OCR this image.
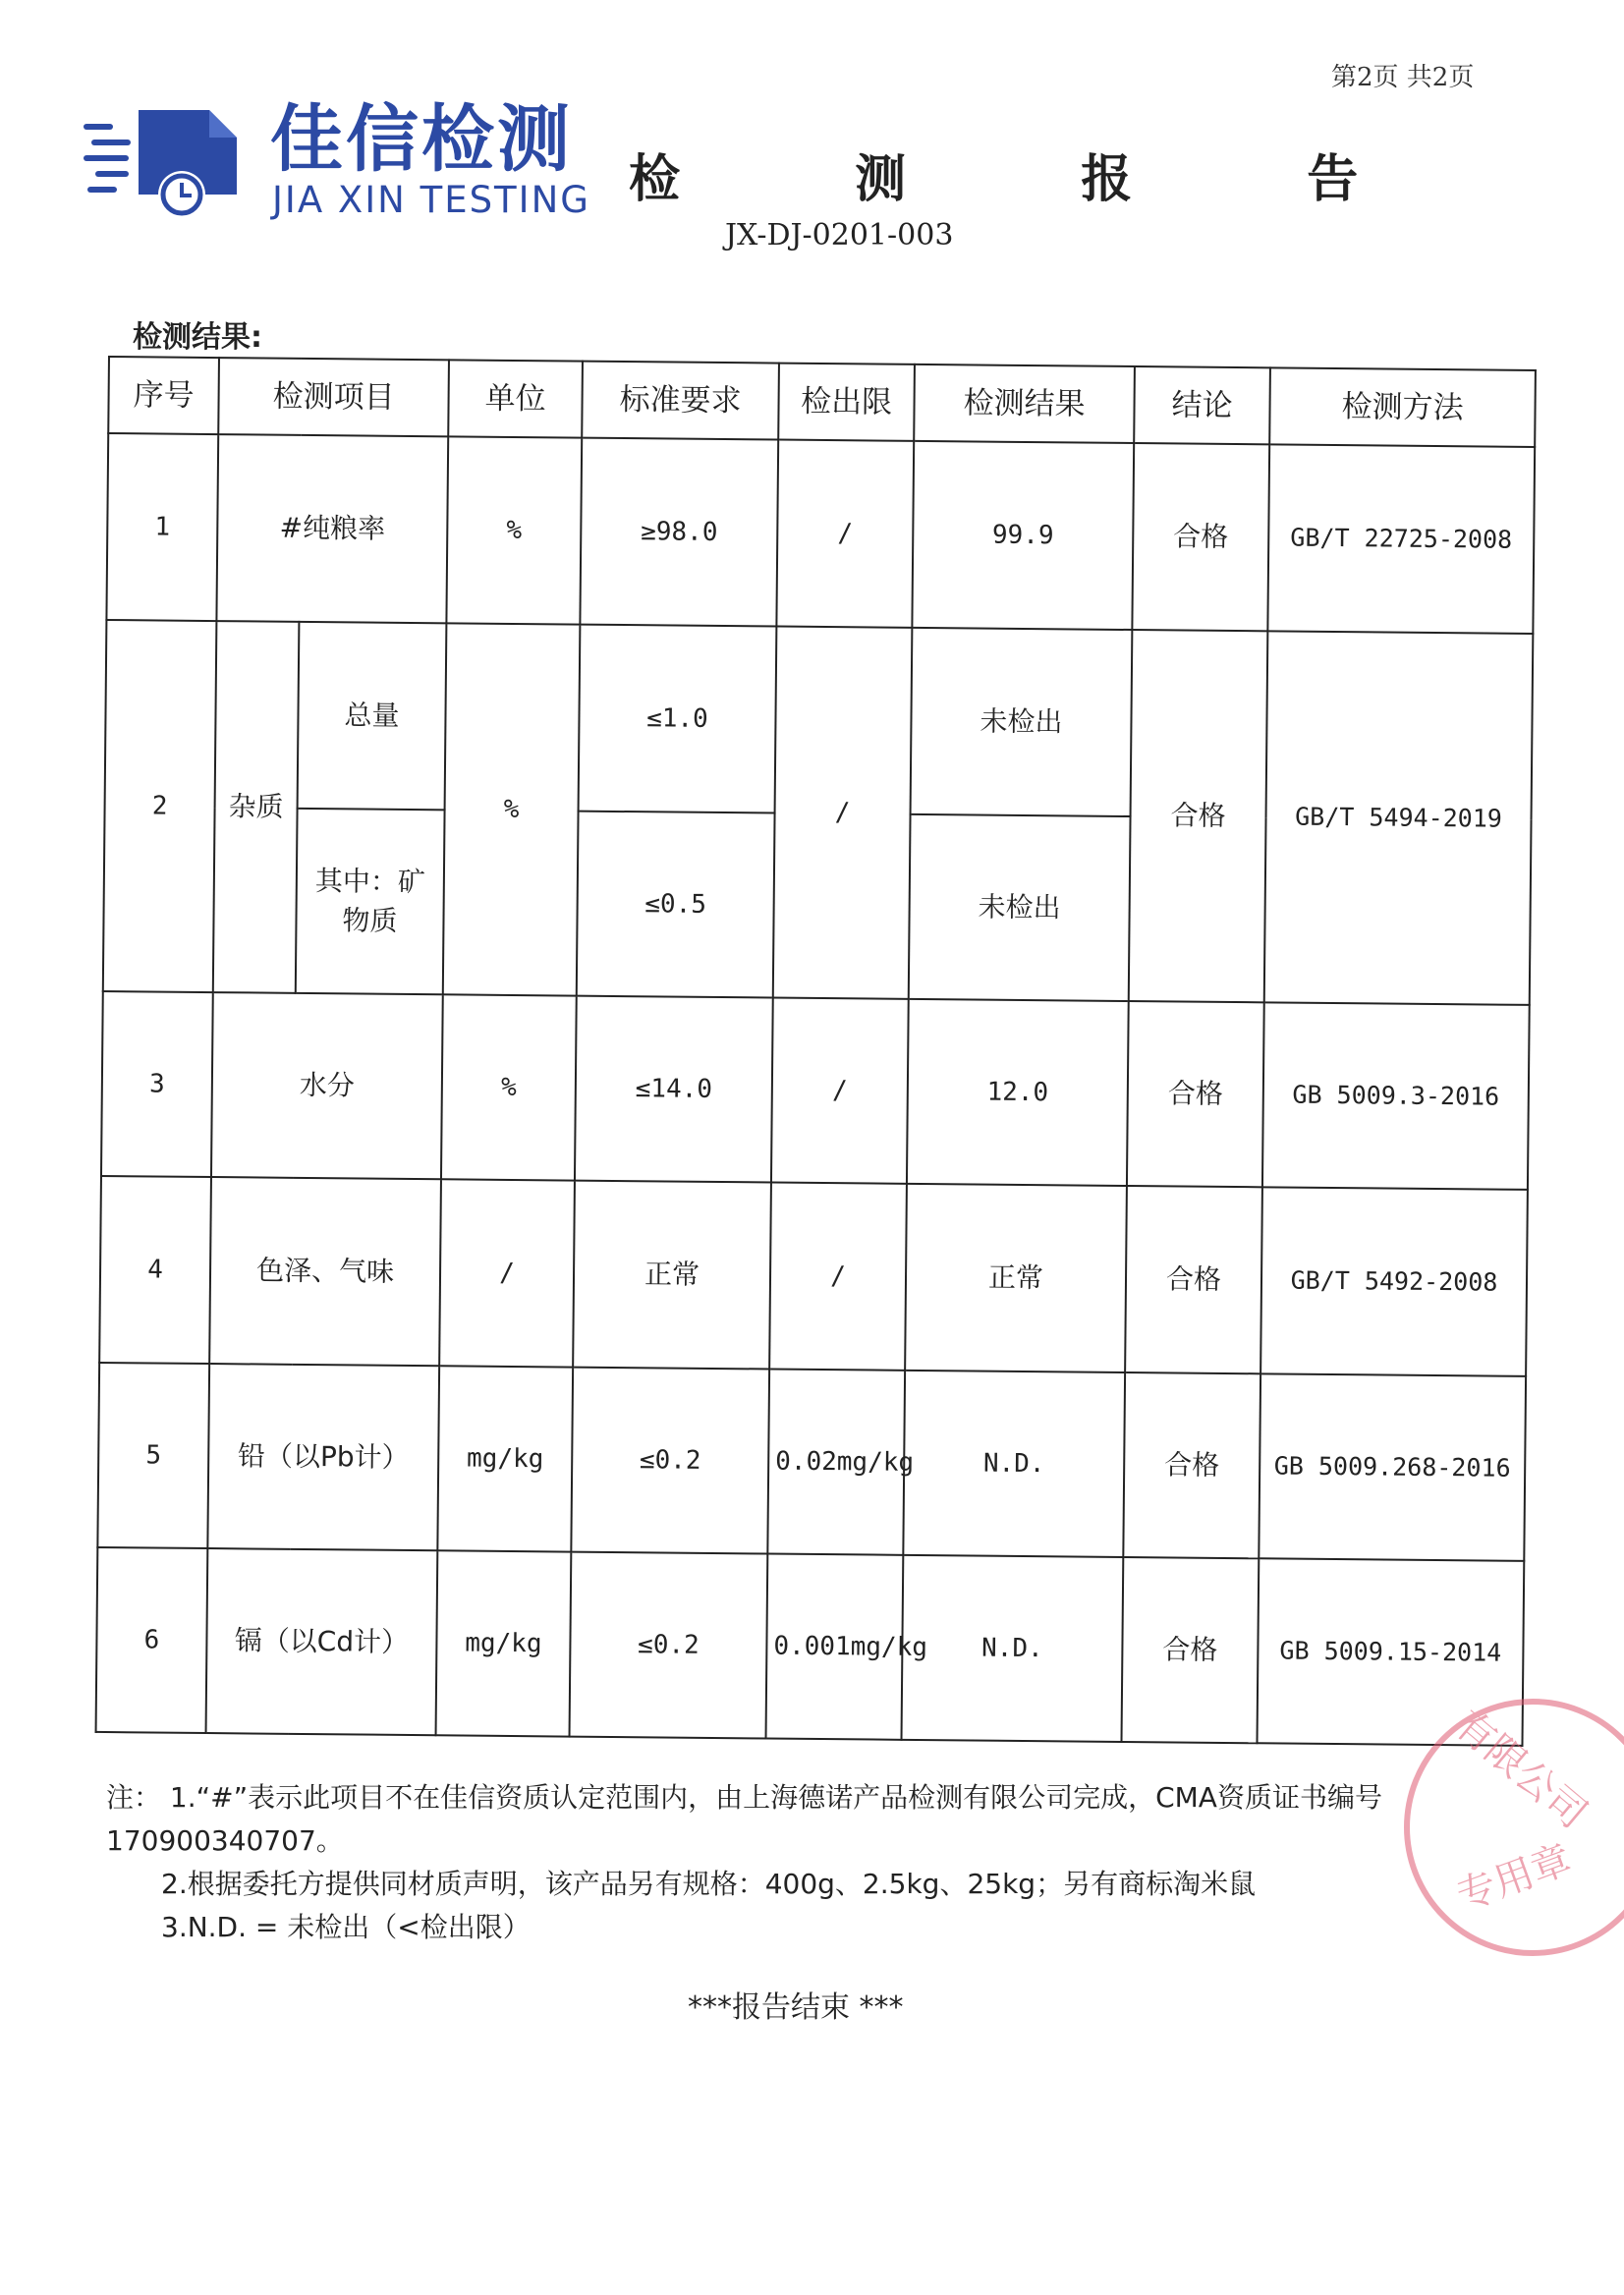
第2页 共2页
佳信检测
JIA XIN TESTING 检 测 报 告
JX-DJ-0201-003
检测结果:
序号	检测项目		单位	标准要求	检出限	检测结果	结论	检测方法
1	#纯粮率		%	≥98.0	/	99.9	合格	GB/T 22725-2008
2	杂质	总量	%	≤1.0	/	未检出	合格	GB/T 5494-2019
		其中：矿物质		≤0.5		未检出		
3	水分		%	≤14.0	/	12.0	合格	GB 5009.3-2016
4	色泽、气味		/	正常	/	正常	合格	GB/T 5492-2008
5	铅（以Pb计）		mg/kg	≤0.2	0.02mg/kg	N.D.	合格	GB 5009.268-2016
6	镉（以Cd计）		mg/kg	≤0.2	0.001mg/kg	N.D.	合格	GB 5009.15-2014
有限公司
专用章

注： 1.“#”表示此项目不在佳信资质认定范围内，由上海德诺产品检测有限公司完成，CMA资质证书编号170900340707。

2.根据委托方提供同材质声明，该产品另有规格：400g、2.5kg、25kg；另有商标淘米鼠

3.N.D. = 未检出（<检出限）

***报告结束 ***
